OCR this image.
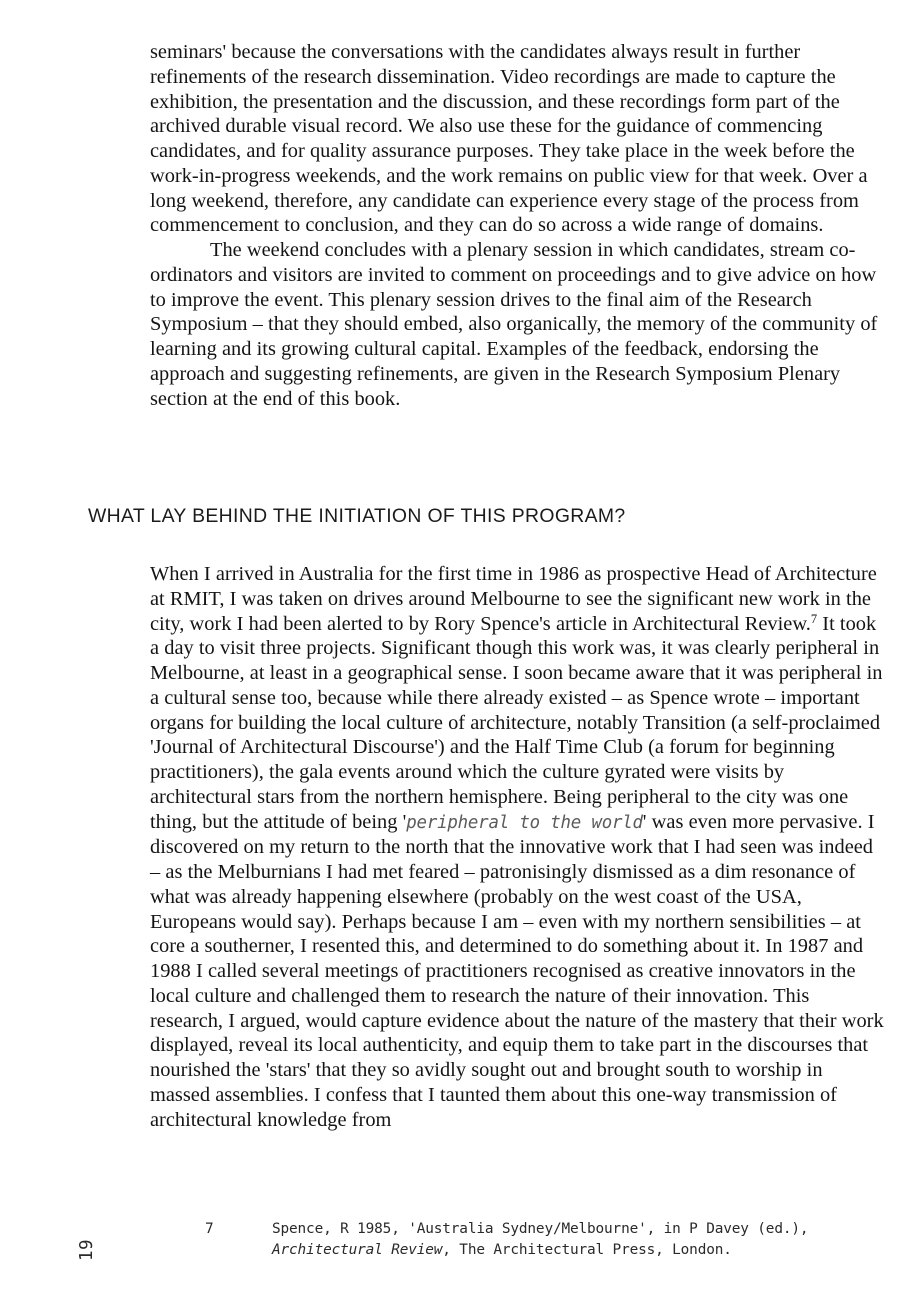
seminars' because the conversations with the candidates always result in further refinements of the research dissemination. Video recordings are made to capture the exhibition, the presentation and the discussion, and these recordings form part of the archived durable visual record. We also use these for the guidance of commencing candidates, and for quality assurance purposes. They take place in the week before the work-in-progress weekends, and the work remains on public view for that week. Over a long weekend, therefore, any candidate can experience every stage of the process from commencement to conclusion, and they can do so across a wide range of domains.

The weekend concludes with a plenary session in which candidates, stream co-ordinators and visitors are invited to comment on proceedings and to give advice on how to improve the event. This plenary session drives to the final aim of the Research Symposium – that they should embed, also organically, the memory of the community of learning and its growing cultural capital. Examples of the feedback, endorsing the approach and suggesting refinements, are given in the Research Symposium Plenary section at the end of this book.

WHAT LAY BEHIND THE INITIATION OF THIS PROGRAM?

When I arrived in Australia for the first time in 1986 as prospective Head of Architecture at RMIT, I was taken on drives around Melbourne to see the significant new work in the city, work I had been alerted to by Rory Spence's article in Architectural Review.$^7$ It took a day to visit three projects. Significant though this work was, it was clearly peripheral in Melbourne, at least in a geographical sense. I soon became aware that it was peripheral in a cultural sense too, because while there already existed – as Spence wrote – important organs for building the local culture of architecture, notably Transition (a self-proclaimed 'Journal of Architectural Discourse') and the Half Time Club (a forum for beginning practitioners), the gala events around which the culture gyrated were visits by architectural stars from the northern hemisphere. Being peripheral to the city was one thing, but the attitude of being 'peripheral to the world' was even more pervasive. I discovered on my return to the north that the innovative work that I had seen was indeed – as the Melburnians I had met feared – patronisingly dismissed as a dim resonance of what was already happening elsewhere (probably on the west coast of the USA, Europeans would say). Perhaps because I am – even with my northern sensibilities – at core a southerner, I resented this, and determined to do something about it. In 1987 and 1988 I called several meetings of practitioners recognised as creative innovators in the local culture and challenged them to research the nature of their innovation. This research, I argued, would capture evidence about the nature of the mastery that their work displayed, reveal its local authenticity, and equip them to take part in the discourses that nourished the 'stars' that they so avidly sought out and brought south to worship in massed assemblies. I confess that I taunted them about this one-way transmission of architectural knowledge from

19
7	Spence, R 1985, 'Australia Sydney/Melbourne', in P Davey (ed.), Architectural Review, The Architectural Press, London.
